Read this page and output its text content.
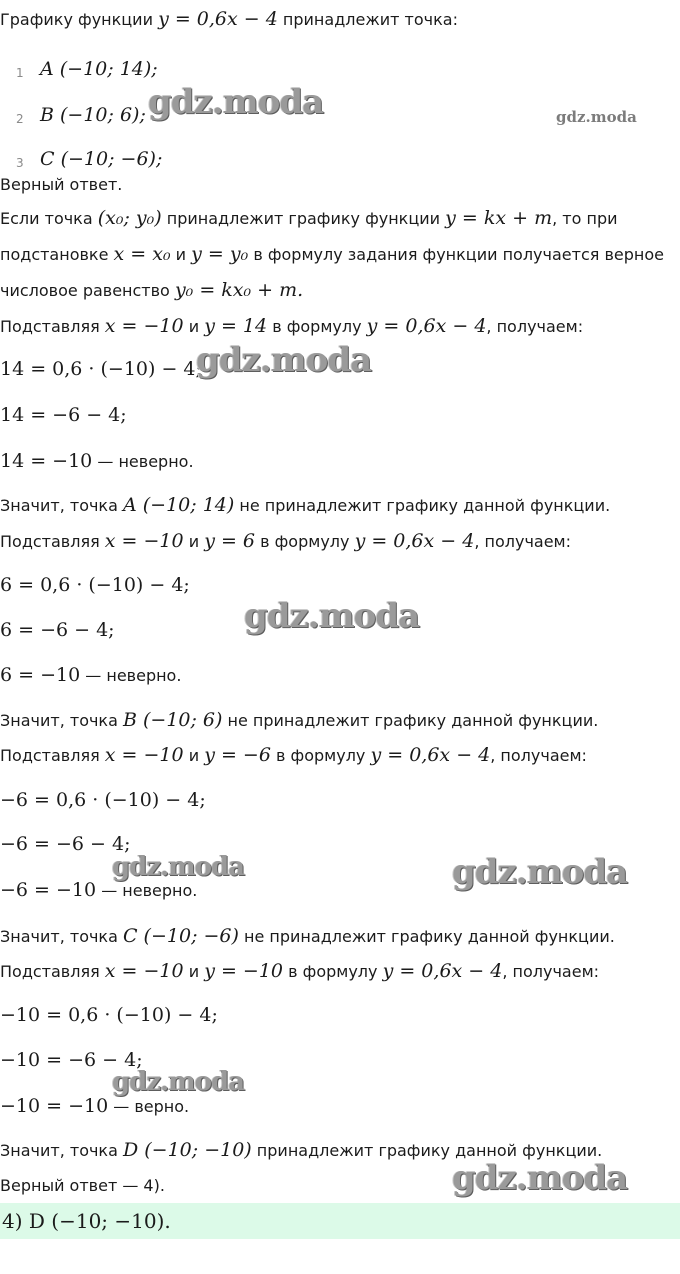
Графику функции y = 0,6x − 4 принадлежит точка:
1 A (−10; 14);
2 B (−10; 6);
3 C (−10; −6);
Верный ответ.
Если точка (x₀; y₀) принадлежит графику функции y = kx + m, то при
подстановке x = x₀ и y = y₀ в формулу задания функции получается верное
числовое равенство y₀ = kx₀ + m.
Подставляя x = −10 и y = 14 в формулу y = 0,6x − 4, получаем:
14 = 0,6 · (−10) − 4;
14 = −6 − 4;
14 = −10 — неверно.
Значит, точка A (−10; 14) не принадлежит графику данной функции.
Подставляя x = −10 и y = 6 в формулу y = 0,6x − 4, получаем:
6 = 0,6 · (−10) − 4;
6 = −6 − 4;
6 = −10 — неверно.
Значит, точка B (−10; 6) не принадлежит графику данной функции.
Подставляя x = −10 и y = −6 в формулу y = 0,6x − 4, получаем:
−6 = 0,6 · (−10) − 4;
−6 = −6 − 4;
−6 = −10 — неверно.
Значит, точка C (−10; −6) не принадлежит графику данной функции.
Подставляя x = −10 и y = −10 в формулу y = 0,6x − 4, получаем:
−10 = 0,6 · (−10) − 4;
−10 = −6 − 4;
−10 = −10 — верно.
Значит, точка D (−10; −10) принадлежит графику данной функции.
Верный ответ — 4).
4) D (−10; −10).
gdz.moda	gdz.moda
gdz.moda
gdz.moda
gdz.moda	gdz.moda
gdz.moda
gdz.moda
